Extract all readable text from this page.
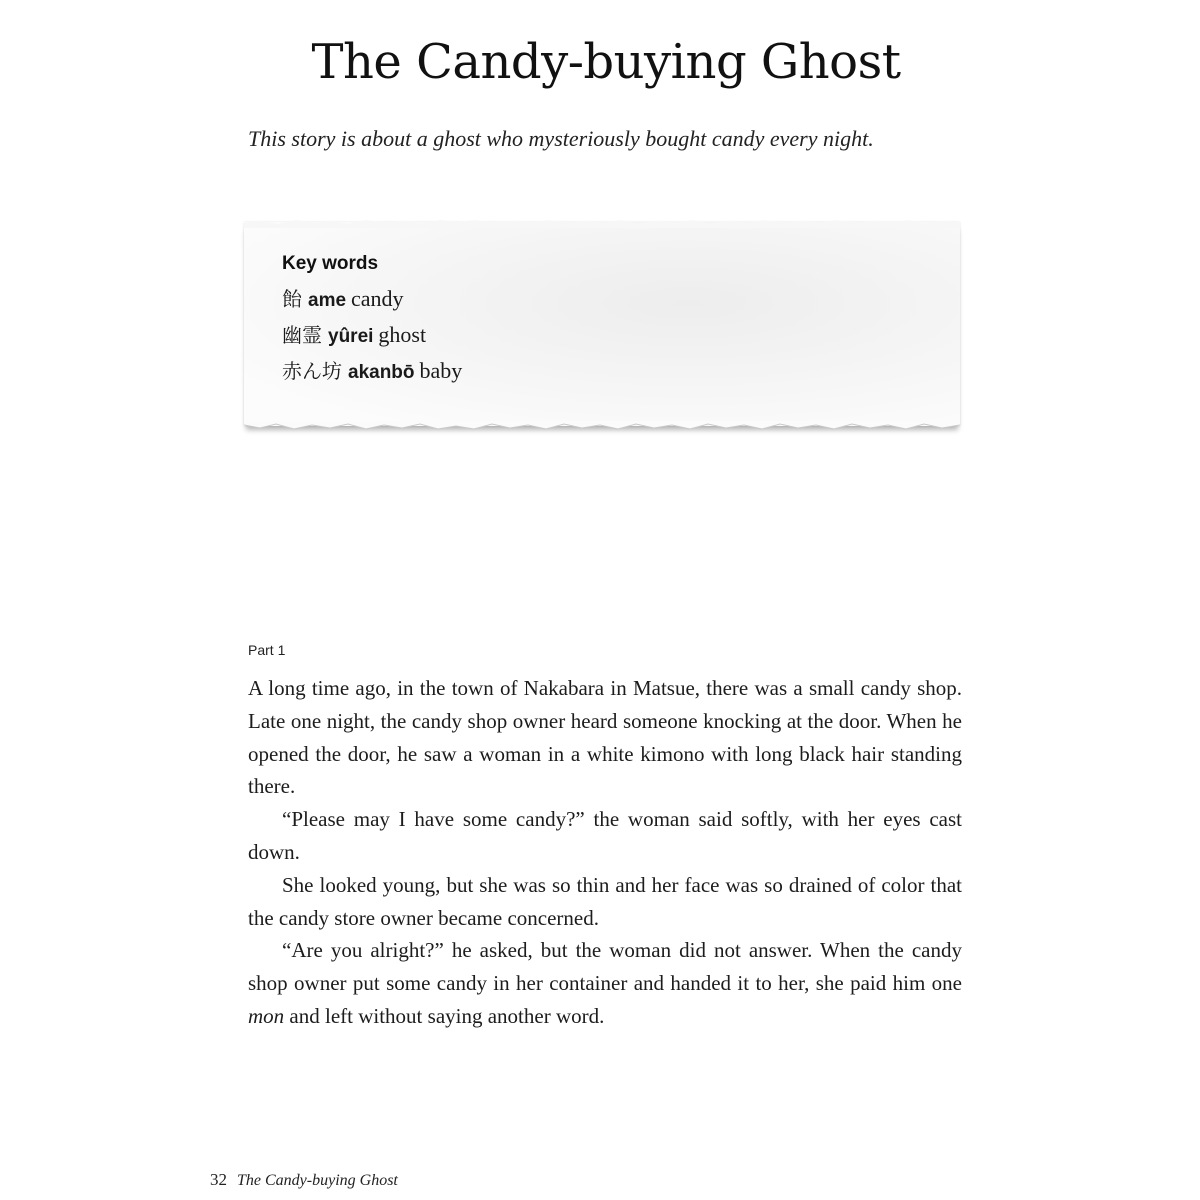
The Candy-buying Ghost
This story is about a ghost who mysteriously bought candy every night.
Key words
飴 ame candy
幽霊 yûrei ghost
赤ん坊 akanbō baby
Part 1

A long time ago, in the town of Nakabara in Matsue, there was a small candy shop. Late one night, the candy shop owner heard someone knocking at the door. When he opened the door, he saw a woman in a white kimono with long black hair standing there.

“Please may I have some candy?” the woman said softly, with her eyes cast down.

She looked young, but she was so thin and her face was so drained of color that the candy store owner became concerned.

“Are you alright?” he asked, but the woman did not answer. When the candy shop owner put some candy in her container and handed it to her, she paid him one mon and left without saying another word.

32 The Candy-buying Ghost
